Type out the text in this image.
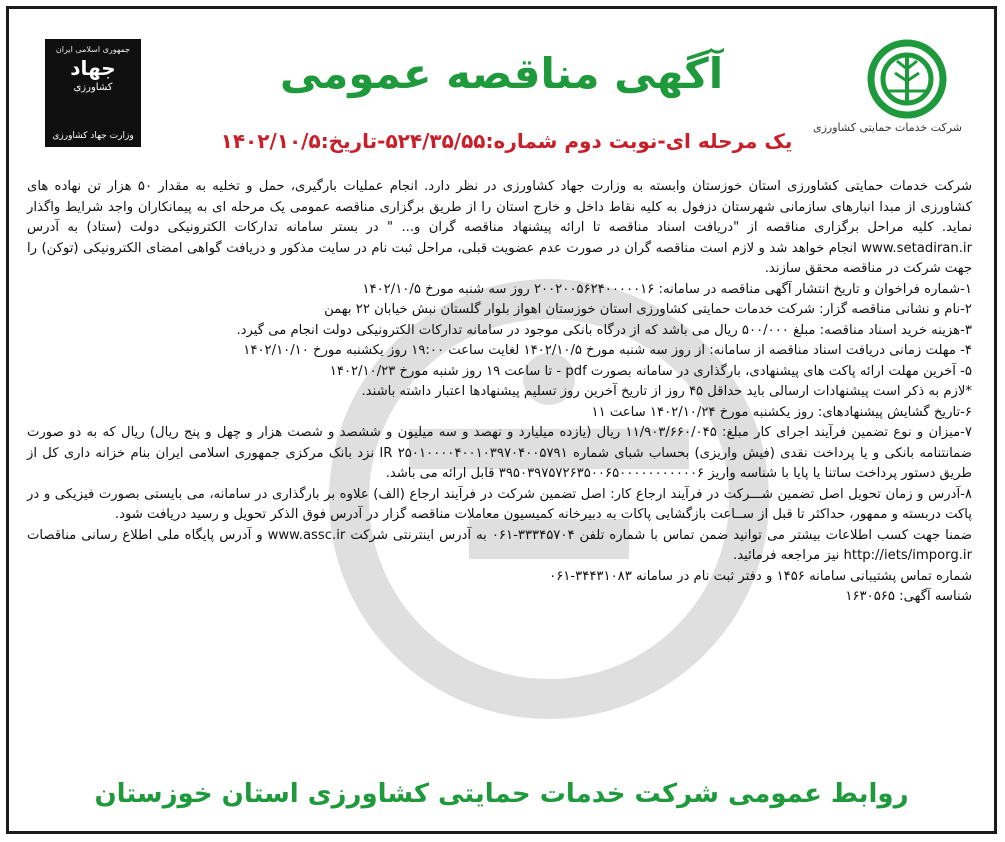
شرکت خدمات حمایتی کشاورزی
جمهوری اسلامی ایران
جهاد
کشاورزی
وزارت جهاد کشاورزی
آگهی مناقصه عمومی
یک مرحله ای-نوبت دوم شماره:۵۲۴/۳۵/۵۵-تاریخ:۱۴۰۲/۱۰/۵

شرکت خدمات حمایتی کشاورزی استان خوزستان وابسته به وزارت جهاد کشاورزی در نظر دارد. انجام عملیات بارگیری، حمل و تخلیه به مقدار ۵۰ هزار تن نهاده های کشاورزی از مبدا انبارهای سازمانی شهرستان دزفول به کلیه نقاط داخل و خارج استان را از طریق برگزاری مناقصه عمومی یک مرحله ای به پیمانکاران واجد شرایط واگذار نماید. کلیه مراحل برگزاری مناقصه از "دریافت اسناد مناقصه تا ارائه پیشنهاد مناقصه گران و... " در بستر سامانه تدارکات الکترونیکی دولت (ستاد) به آدرس www.setadiran.ir انجام خواهد شد و لازم است مناقصه گران در صورت عدم عضویت قبلی، مراحل ثبت نام در سایت مذکور و دریافت گواهی امضای الکترونیکی (توکن) را جهت شرکت در مناقصه محقق سازند.

۱-شماره فراخوان و تاریخ انتشار آگهی مناقصه در سامانه: ۲۰۰۲۰۰۵۶۲۴۰۰۰۰۰۱۶ روز سه شنبه مورخ ۱۴۰۲/۱۰/۵

۲-نام و نشانی مناقصه گزار: شرکت خدمات حمایتی کشاورزی استان خوزستان اهواز بلوار گلستان نبش خیابان ۲۲ بهمن

۳-هزینه خرید اسناد مناقصه: مبلغ ۵۰۰/۰۰۰ ریال می باشد که از درگاه بانکی موجود در سامانه تدارکات الکترونیکی دولت انجام می گیرد.

۴- مهلت زمانی دریافت اسناد مناقصه از سامانه: از روز سه شنبه مورخ ۱۴۰۲/۱۰/۵ لغایت ساعت ۱۹:۰۰ روز یکشنبه مورخ ۱۴۰۲/۱۰/۱۰

۵- آخرین مهلت ارائه پاکت های پیشنهادی، بارگذاری در سامانه بصورت pdf - تا ساعت ۱۹ روز شنبه مورخ ۱۴۰۲/۱۰/۲۳

*لازم به ذکر است پیشنهادات ارسالی باید حداقل ۴۵ روز از تاریخ آخرین روز تسلیم پیشنهادها اعتبار داشته باشند.

۶-تاریخ گشایش پیشنهادهای: روز یکشنبه مورخ ۱۴۰۲/۱۰/۲۴ ساعت ۱۱

۷-میزان و نوع تضمین فرآیند اجرای کار مبلغ: ۱۱/۹۰۳/۶۶۰/۰۴۵ ریال (یازده میلیارد و نهصد و سه میلیون و ششصد و شصت هزار و چهل و پنج ریال) ریال که به دو صورت ضمانتنامه بانکی و یا پرداخت نقدی (فیش واریزی) بحساب شبای شماره IR ۲۵۰۱۰۰۰۰۴۰۰۱۰۳۹۷۰۴۰۰۵۷۹۱ نزد بانک مرکزی جمهوری اسلامی ایران بنام خزانه داری کل از طریق دستور پرداخت ساتنا یا پایا با شناسه واریز ۳۹۵۰۳۹۷۵۷۲۶۳۵۰۰۶۵۰۰۰۰۰۰۰۰۰۰۰۶ قابل ارائه می باشد.

۸-آدرس و زمان تحویل اصل تضمین شـــرکت در فرآیند ارجاع کار: اصل تضمین شرکت در فرآیند ارجاع (الف) علاوه بر بارگذاری در سامانه، می بایستی بصورت فیزیکی و در پاکت دربسته و ممهور، حداکثر تا قبل از ســاعت بازگشایی پاکات به دبیرخانه کمیسیون معاملات مناقصه گزار در آدرس فوق الذکر تحویل و رسید دریافت شود.

ضمنا جهت کسب اطلاعات بیشتر می توانید ضمن تماس با شماره تلفن ۳۳۳۴۵۷۰۴-۰۶۱ به آدرس اینترنتی شرکت www.assc.ir و آدرس پایگاه ملی اطلاع رسانی مناقصات http://iets/imporg.ir نیز مراجعه فرمائید.

شماره تماس پشتیبانی سامانه ۱۴۵۶ و دفتر ثبت نام در سامانه ۳۴۴۳۱۰۸۳-۰۶۱

شناسه آگهی: ۱۶۳۰۵۶۵

روابط عمومی شرکت خدمات حمایتی کشاورزی استان خوزستان
